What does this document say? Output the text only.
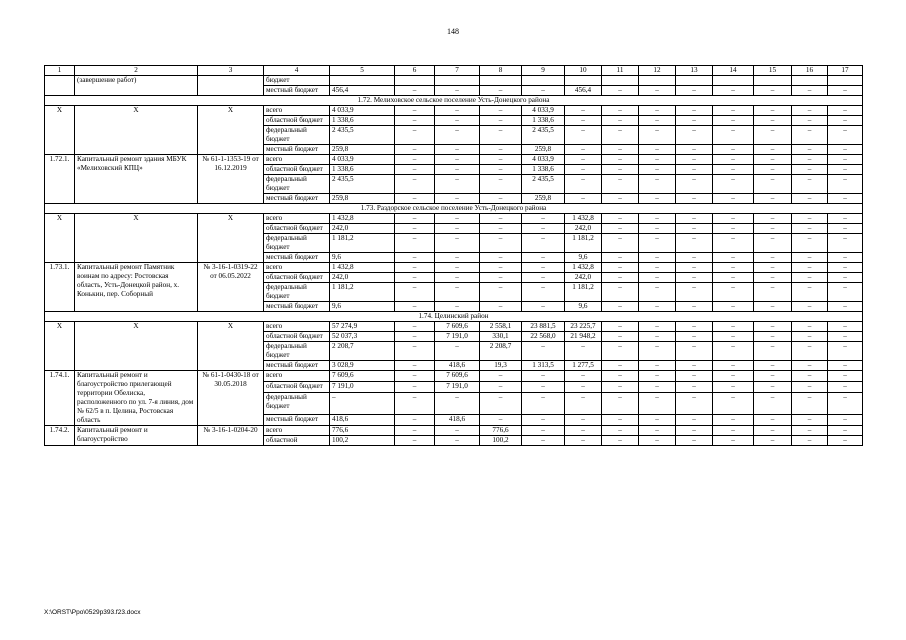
148
1	2	3	4	5	6	7	8	9	10	11	12	13	14	15	16	17
	(завершение работ)		бюджет													
			местный бюджет	456,4	–	–	–	–	456,4	–	–	–	–	–	–	–
1.72. Мелиховское сельское поселение Усть-Донецкого района																
Х	Х	Х	всего	4 033,9	–	–	–	4 033,9	–	–	–	–	–	–	–	–
			областной бюджет	1 338,6	–	–	–	1 338,6	–	–	–	–	–	–	–	–
			федеральный бюджет	2 435,5	–	–	–	2 435,5	–	–	–	–	–	–	–	–
			местный бюджет	259,8	–	–	–	259,8	–	–	–	–	–	–	–	–
1.72.1.	Капитальный ремонт здания МБУК «Мелиховский КПЦ»	№ 61-1-1353-19 от 16.12.2019	всего	4 033,9	–	–	–	4 033,9	–	–	–	–	–	–	–	–
			областной бюджет	1 338,6	–	–	–	1 338,6	–	–	–	–	–	–	–	–
			федеральный бюджет	2 435,5	–	–	–	2 435,5	–	–	–	–	–	–	–	–
			местный бюджет	259,8	–	–	–	259,8	–	–	–	–	–	–	–	–
1.73. Раздорское сельское поселение Усть-Донецкого района																
Х	Х	Х	всего	1 432,8	–	–	–	–	1 432,8	–	–	–	–	–	–	–
			областной бюджет	242,0	–	–	–	–	242,0	–	–	–	–	–	–	–
			федеральный бюджет	1 181,2	–	–	–	–	1 181,2	–	–	–	–	–	–	–
			местный бюджет	9,6	–	–	–	–	9,6	–	–	–	–	–	–	–
1.73.1.	Капитальный ремонт Памятник воинам по адресу: Ростовская область, Усть-Донецкой район, х. Конькин, пер. Соборный	№ 3-16-1-0319-22 от 06.05.2022	всего	1 432,8	–	–	–	–	1 432,8	–	–	–	–	–	–	–
			областной бюджет	242,0	–	–	–	–	242,0	–	–	–	–	–	–	–
			федеральный бюджет	1 181,2	–	–	–	–	1 181,2	–	–	–	–	–	–	–
			местный бюджет	9,6	–	–	–	–	9,6	–	–	–	–	–	–	–
1.74. Целинский район																
Х	Х	Х	всего	57 274,9	–	7 609,6	2 558,1	23 881,5	23 225,7	–	–	–	–	–	–	–
			областной бюджет	52 037,3	–	7 191,0	330,1	22 568,0	21 948,2	–	–	–	–	–	–	–
			федеральный бюджет	2 208,7	–	–	2 208,7	–	–	–	–	–	–	–	–	–
			местный бюджет	3 028,9	–	418,6	19,3	1 313,5	1 277,5	–	–	–	–	–	–	–
1.74.1.	Капитальный ремонт и благоустройство прилегающей территории Обелиска, расположенного по ул. 7-я линия, дом № 62/5 в п. Целина, Ростовская область	№ 61-1-0430-18 от 30.05.2018	всего	7 609,6	–	7 609,6	–	–	–	–	–	–	–	–	–	–
			областной бюджет	7 191,0	–	7 191,0	–	–	–	–	–	–	–	–	–	–
			федеральный бюджет	–	–	–	–	–	–	–	–	–	–	–	–	–
			местный бюджет	418,6	–	418,6	–	–	–	–	–	–	–	–	–	–
1.74.2.	Капитальный ремонт и благоустройство	№ 3-16-1-0204-20	всего	776,6	–	–	776,6	–	–	–	–	–	–	–	–	–
			областной	100,2	–	–	100,2	–	–	–	–	–	–	–	–	–
X:\ORST\Ppo\0529p393.f23.docx
